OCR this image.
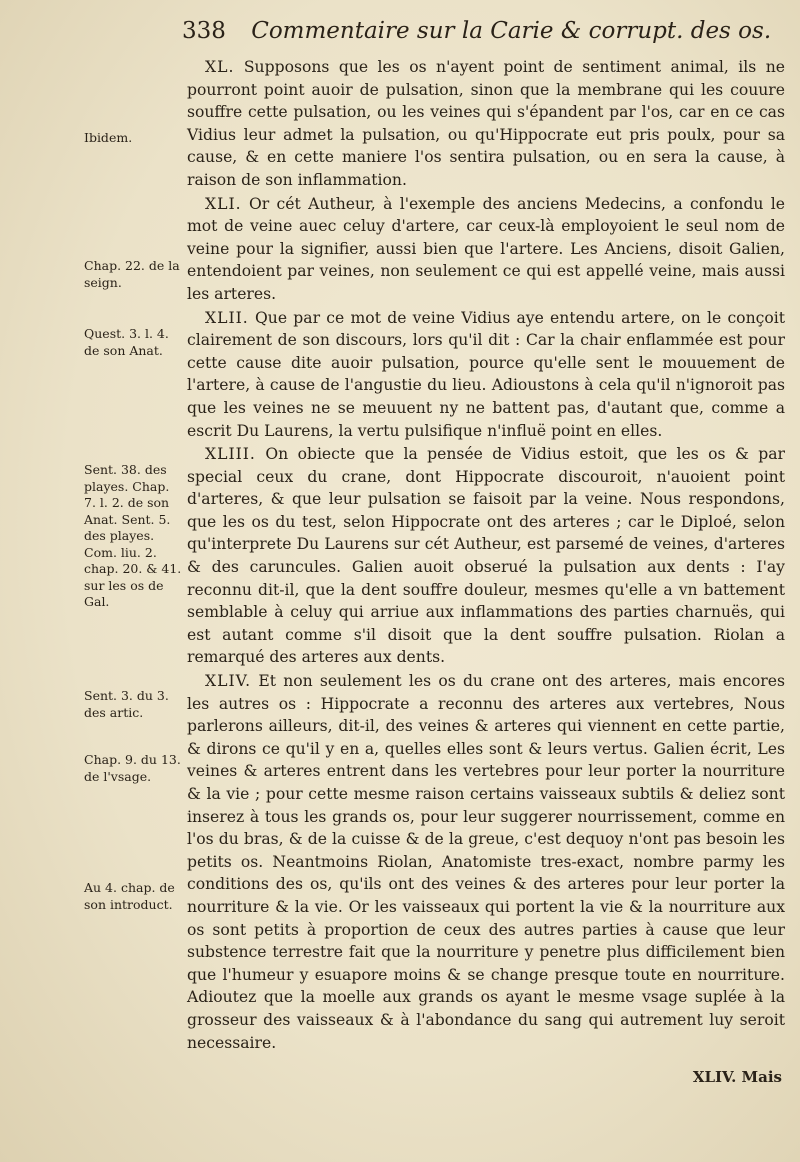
338 Commentaire sur la Carie & corrupt. des os.
Ibidem.
Chap. 22. de la seign.
Quest. 3. l. 4. de son Anat.
Sent. 38. des playes. Chap. 7. l. 2. de son Anat. Sent. 5. des playes. Com. liu. 2. chap. 20. & 41. sur les os de Gal.
Sent. 3. du 3. des artic.
Chap. 9. du 13. de l'vsage.
Au 4. chap. de son introduct.

XL. Supposons que les os n'ayent point de sentiment animal, ils ne pourront point auoir de pulsation, sinon que la membrane qui les couure souffre cette pulsation, ou les veines qui s'épandent par l'os, car en ce cas Vidius leur admet la pulsation, ou qu'Hippocrate eut pris poulx, pour sa cause, & en cette maniere l'os sentira pulsation, ou en sera la cause, à raison de son inflammation.

XLI. Or cét Autheur, à l'exemple des anciens Medecins, a confondu le mot de veine auec celuy d'artere, car ceux-là employoient le seul nom de veine pour la signifier, aussi bien que l'artere. Les Anciens, disoit Galien, entendoient par veines, non seulement ce qui est appellé veine, mais aussi les arteres.

XLII. Que par ce mot de veine Vidius aye entendu artere, on le conçoit clairement de son discours, lors qu'il dit : Car la chair enflammée est pour cette cause dite auoir pulsation, pource qu'elle sent le mouuement de l'artere, à cause de l'angustie du lieu. Adioustons à cela qu'il n'ignoroit pas que les veines ne se meuuent ny ne battent pas, d'autant que, comme a escrit Du Laurens, la vertu pulsifique n'influë point en elles.

XLIII. On obiecte que la pensée de Vidius estoit, que les os & par special ceux du crane, dont Hippocrate discouroit, n'auoient point d'arteres, & que leur pulsation se faisoit par la veine. Nous respondons, que les os du test, selon Hippocrate ont des arteres ; car le Diploé, selon qu'interprete Du Laurens sur cét Autheur, est parsemé de veines, d'arteres & des caruncules. Galien auoit obserué la pulsation aux dents : I'ay reconnu dit-il, que la dent souffre douleur, mesmes qu'elle a vn battement semblable à celuy qui arriue aux inflammations des parties charnuës, qui est autant comme s'il disoit que la dent souffre pulsation. Riolan a remarqué des arteres aux dents.

XLIV. Et non seulement les os du crane ont des arteres, mais encores les autres os : Hippocrate a reconnu des arteres aux vertebres, Nous parlerons ailleurs, dit-il, des veines & arteres qui viennent en cette partie, & dirons ce qu'il y en a, quelles elles sont & leurs vertus. Galien écrit, Les veines & arteres entrent dans les vertebres pour leur porter la nourriture & la vie ; pour cette mesme raison certains vaisseaux subtils & deliez sont inserez à tous les grands os, pour leur suggerer nourrissement, comme en l'os du bras, & de la cuisse & de la greue, c'est dequoy n'ont pas besoin les petits os. Neantmoins Riolan, Anatomiste tres-exact, nombre parmy les conditions des os, qu'ils ont des veines & des arteres pour leur porter la nourriture & la vie. Or les vaisseaux qui portent la vie & la nourriture aux os sont petits à proportion de ceux des autres parties à cause que leur substence terrestre fait que la nourriture y penetre plus difficilement bien que l'humeur y esuapore moins & se change presque toute en nourriture. Adioutez que la moelle aux grands os ayant le mesme vsage suplée à la grosseur des vaisseaux & à l'abondance du sang qui autrement luy seroit necessaire.

XLIV. Mais
